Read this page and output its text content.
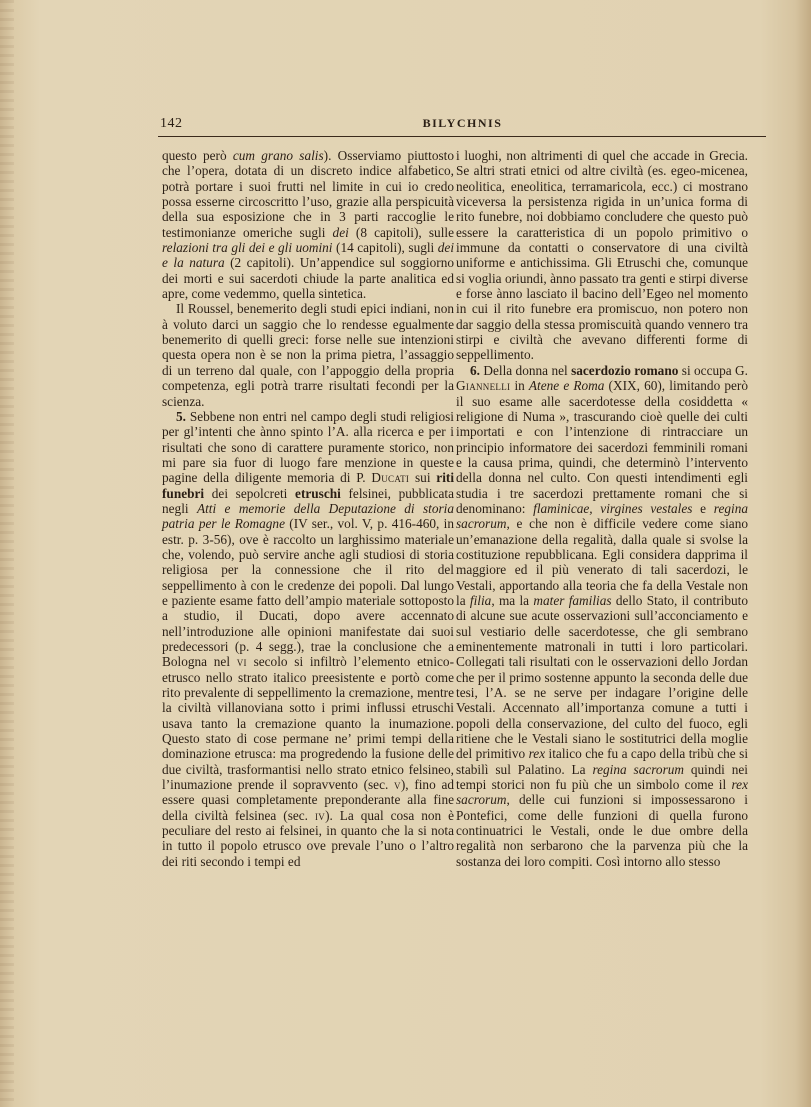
142	BILYCHNIS

questo però cum grano salis). Osserviamo piuttosto che l’opera, dotata di un discreto indice alfabetico, potrà portare i suoi frutti nel limite in cui io credo possa esserne circoscritto l’uso, grazie alla perspicuità della sua esposizione che in 3 parti raccoglie le testimonianze omeriche sugli dei (8 capitoli), sulle relazioni tra gli dei e gli uomini (14 capitoli), sugli dei e la natura (2 capitoli). Un’appendice sul soggiorno dei morti e sui sacerdoti chiude la parte analitica ed apre, come vedemmo, quella sintetica.

Il Roussel, benemerito degli studi epici indiani, non à voluto darci un saggio che lo rendesse egualmente benemerito di quelli greci: forse nelle sue intenzioni questa opera non è se non la prima pietra, l’assaggio di un terreno dal quale, con l’appoggio della propria competenza, egli potrà trarre risultati fecondi per la scienza.

5. Sebbene non entri nel campo degli studi religiosi per gl’intenti che ànno spinto l’A. alla ricerca e per i risultati che sono di carattere puramente storico, non mi pare sia fuor di luogo fare menzione in queste pagine della diligente memoria di P. Ducati sui riti funebri dei sepolcreti etruschi felsinei, pubblicata negli Atti e memorie della Deputazione di storia patria per le Romagne (IV ser., vol. V, p. 416-460, in estr. p. 3-56), ove è raccolto un larghissimo materiale che, volendo, può servire anche agli studiosi di storia religiosa per la connessione che il rito del seppellimento à con le credenze dei popoli. Dal lungo e paziente esame fatto dell’ampio materiale sottoposto a studio, il Ducati, dopo avere accennato nell’introduzione alle opinioni manifestate dai suoi predecessori (p. 4 segg.), trae la conclusione che a Bologna nel vi secolo si infiltrò l’elemento etnico-etrusco nello strato italico preesistente e portò come rito prevalente di seppellimento la cremazione, mentre la civiltà villanoviana sotto i primi influssi etruschi usava tanto la cremazione quanto la inumazione. Questo stato di cose permane ne’ primi tempi della dominazione etrusca: ma progredendo la fusione delle due civiltà, trasformantisi nello strato etnico felsineo, l’inumazione prende il sopravvento (sec. v), fino ad essere quasi completamente preponderante alla fine della civiltà felsinea (sec. iv). La qual cosa non è peculiare del resto ai felsinei, in quanto che la si nota in tutto il popolo etrusco ove prevale l’uno o l’altro dei riti secondo i tempi ed

i luoghi, non altrimenti di quel che accade in Grecia. Se altri strati etnici od altre civiltà (es. egeo-micenea, neolitica, eneolitica, terramaricola, ecc.) ci mostrano viceversa la persistenza rigida in un’unica forma di rito funebre, noi dobbiamo concludere che questo può essere la caratteristica di un popolo primitivo o immune da contatti o conservatore di una civiltà uniforme e antichissima. Gli Etruschi che, comunque si voglia oriundi, ànno passato tra genti e stirpi diverse e forse ànno lasciato il bacino dell’Egeo nel momento in cui il rito funebre era promiscuo, non potero non dar saggio della stessa promiscuità quando vennero tra stirpi e civiltà che avevano differenti forme di seppellimento.

6. Della donna nel sacerdozio romano si occupa G. Giannelli in Atene e Roma (XIX, 60), limitando però il suo esame alle sacerdotesse della cosiddetta « religione di Numa », trascurando cioè quelle dei culti importati e con l’intenzione di rintracciare un principio informatore dei sacerdozi femminili romani e la causa prima, quindi, che determinò l’intervento della donna nel culto. Con questi intendimenti egli studia i tre sacerdozi prettamente romani che si denominano: flaminicae, virgines vestales e regina sacrorum, e che non è difficile vedere come siano un’emanazione della regalità, dalla quale si svolse la costituzione repubblicana. Egli considera dapprima il maggiore ed il più venerato di tali sacerdozi, le Vestali, apportando alla teoria che fa della Vestale non la filia, ma la mater familias dello Stato, il contributo di alcune sue acute osservazioni sull’acconciamento e sul vestiario delle sacerdotesse, che gli sembrano eminentemente matronali in tutti i loro particolari. Collegati tali risultati con le osservazioni dello Jordan che per il primo sostenne appunto la seconda delle due tesi, l’A. se ne serve per indagare l’origine delle Vestali. Accennato all’importanza comune a tutti i popoli della conservazione, del culto del fuoco, egli ritiene che le Vestali siano le sostitutrici della moglie del primitivo rex italico che fu a capo della tribù che si stabilì sul Palatino. La regina sacrorum quindi nei tempi storici non fu più che un simbolo come il rex sacrorum, delle cui funzioni si impossessarono i Pontefici, come delle funzioni di quella furono continuatrici le Vestali, onde le due ombre della regalità non serbarono che la parvenza più che la sostanza dei loro compiti. Così intorno allo stesso
